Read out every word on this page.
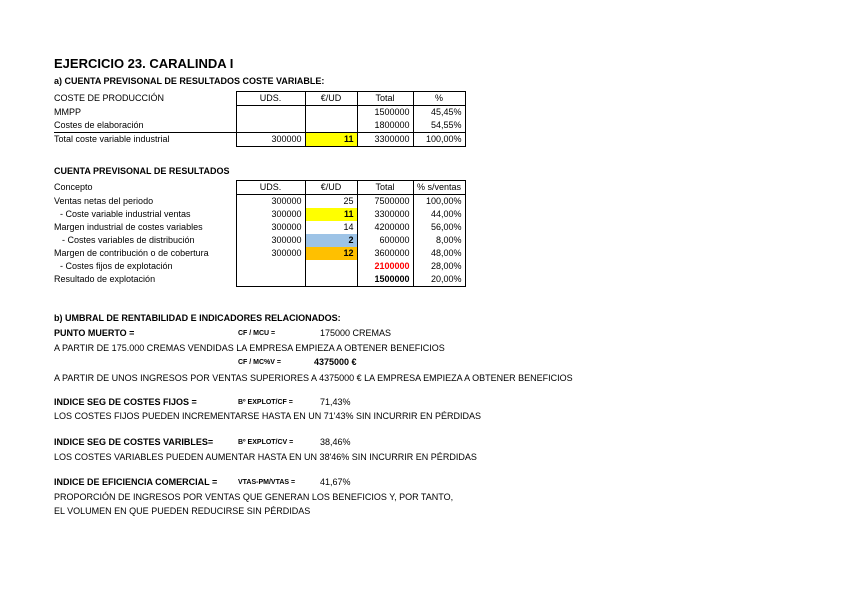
EJERCICIO 23. CARALINDA I
a) CUENTA PREVISONAL DE RESULTADOS COSTE VARIABLE:
COSTE DE PRODUCCIÓN	UDS.	€/UD	Total	%
MMPP			1500000	45,45%
Costes de elaboración			1800000	54,55%
Total coste variable industrial	300000	11	3300000	100,00%
CUENTA PREVISONAL DE RESULTADOS
Concepto	UDS.	€/UD	Total	% s/ventas
Ventas netas del periodo	300000	25	7500000	100,00%
- Coste variable industrial ventas	300000	11	3300000	44,00%
Margen industrial de costes variables	300000	14	4200000	56,00%
- Costes variables de distribución	300000	2	600000	8,00%
Margen de contribución o de cobertura	300000	12	3600000	48,00%
- Costes fijos de explotación			2100000	28,00%
Resultado de explotación			1500000	20,00%
b) UMBRAL DE RENTABILIDAD E INDICADORES RELACIONADOS:
PUNTO MUERTO =	CF / MCU =	175000 CREMAS
A PARTIR DE 175.000 CREMAS VENDIDAS LA EMPRESA EMPIEZA A OBTENER BENEFICIOS
CF / MC%V =	4375000 €
A PARTIR DE UNOS INGRESOS POR VENTAS SUPERIORES A 4375000 € LA EMPRESA EMPIEZA A OBTENER BENEFICIOS
INDICE SEG DE COSTES FIJOS =	Bº EXPLOT/CF =	71,43%
LOS COSTES FIJOS PUEDEN INCREMENTARSE HASTA EN UN 71'43% SIN INCURRIR EN PÉRDIDAS
INDICE SEG DE COSTES VARIBLES=	Bº EXPLOT/CV =	38,46%
LOS COSTES VARIABLES PUEDEN AUMENTAR HASTA EN UN 38'46% SIN INCURRIR EN PÉRDIDAS
INDICE DE EFICIENCIA COMERCIAL =	VTAS-PM/VTAS =	41,67%
PROPORCIÓN DE INGRESOS POR VENTAS QUE GENERAN LOS BENEFICIOS Y, POR TANTO,
EL VOLUMEN EN QUE PUEDEN REDUCIRSE SIN PÉRDIDAS
